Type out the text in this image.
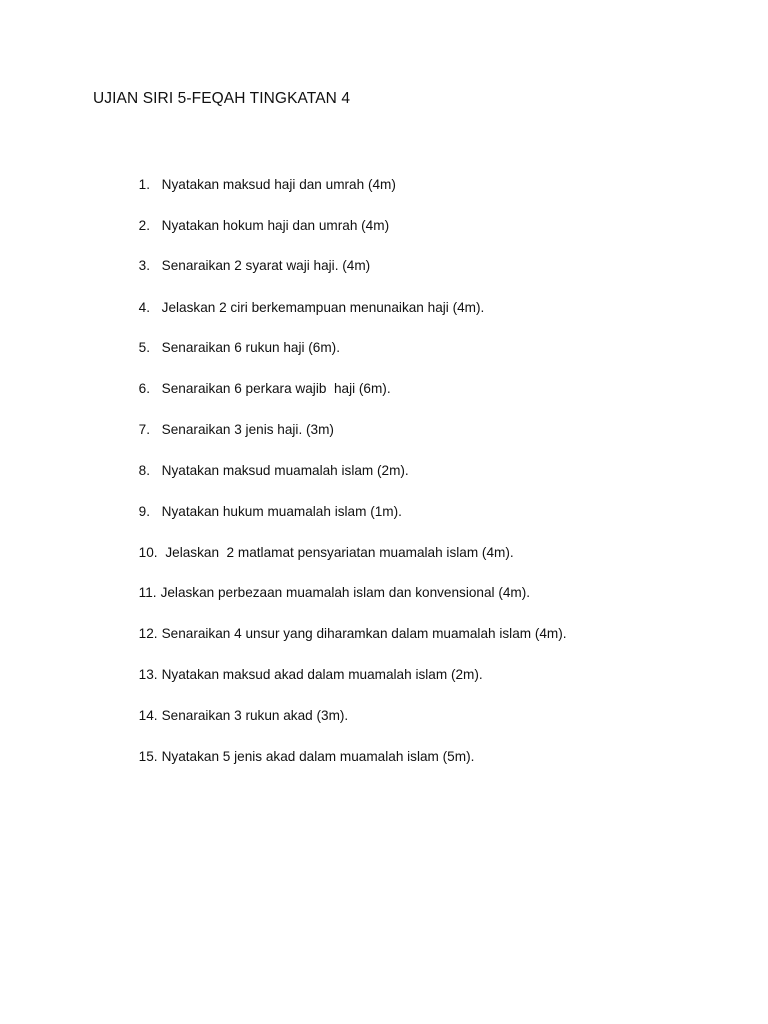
UJIAN SIRI 5-FEQAH TINGKATAN 4

1. Nyatakan maksud haji dan umrah (4m)

2. Nyatakan hokum haji dan umrah (4m)

3. Senaraikan 2 syarat waji haji. (4m)

4. Jelaskan 2 ciri berkemampuan menunaikan haji (4m).

5. Senaraikan 6 rukun haji (6m).

6. Senaraikan 6 perkara wajib  haji (6m).

7. Senaraikan 3 jenis haji. (3m)

8. Nyatakan maksud muamalah islam (2m).

9. Nyatakan hukum muamalah islam (1m).

10. Jelaskan  2 matlamat pensyariatan muamalah islam (4m).

11. Jelaskan perbezaan muamalah islam dan konvensional (4m).

12. Senaraikan 4 unsur yang diharamkan dalam muamalah islam (4m).

13. Nyatakan maksud akad dalam muamalah islam (2m).

14. Senaraikan 3 rukun akad (3m).

15. Nyatakan 5 jenis akad dalam muamalah islam (5m).
